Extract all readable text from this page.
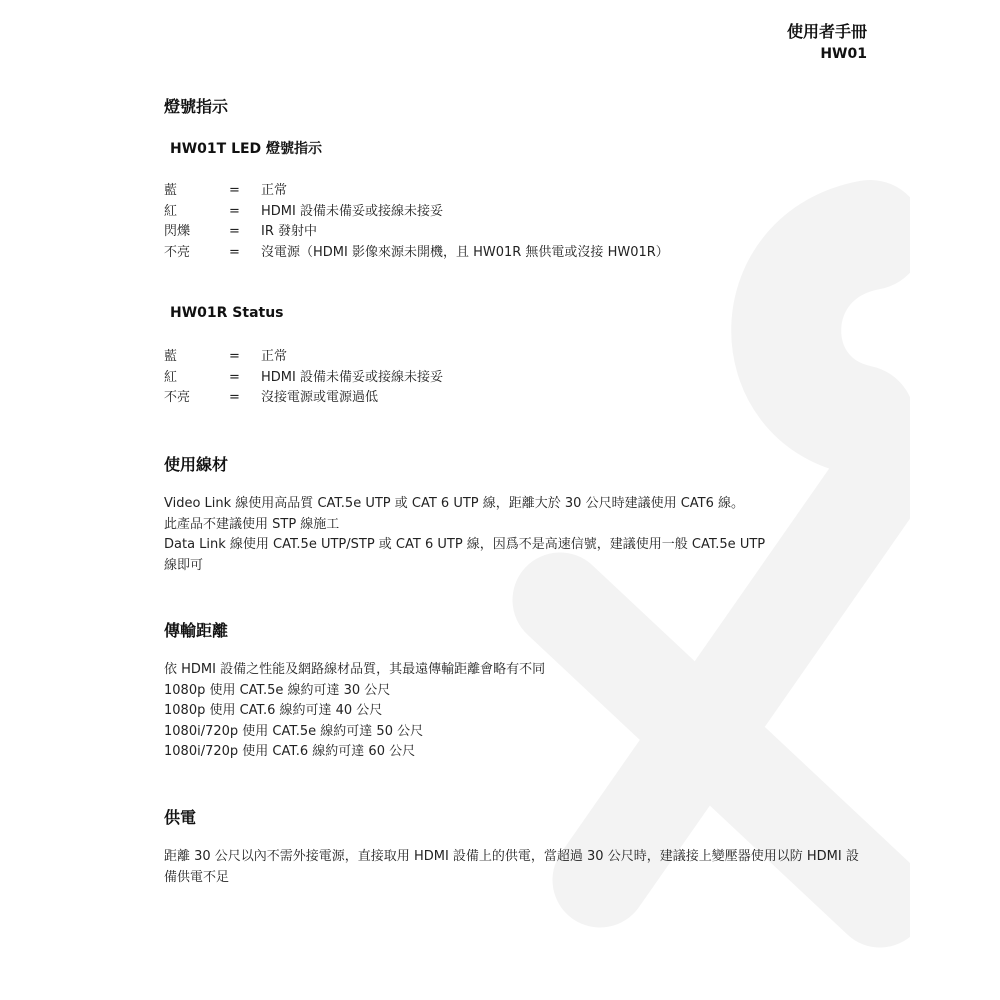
使用者手冊
HW01
燈號指示
HW01T LED 燈號指示
藍	= 正常
紅	= HDMI 設備未備妥或接線未接妥
閃爍	= IR 發射中
不亮	= 沒電源（HDMI 影像來源未開機，且 HW01R 無供電或沒接 HW01R）
HW01R Status
藍	= 正常
紅	= HDMI 設備未備妥或接線未接妥
不亮	= 沒接電源或電源過低
使用線材
Video Link 線使用高品質 CAT.5e UTP 或 CAT 6 UTP 線，距離大於 30 公尺時建議使用 CAT6 線。
此產品不建議使用 STP 線施工
Data Link 線使用 CAT.5e UTP/STP 或 CAT 6 UTP 線，因爲不是高速信號，建議使用一般 CAT.5e UTP
線即可
傳輸距離
依 HDMI 設備之性能及網路線材品質，其最遠傳輸距離會略有不同
1080p 使用 CAT.5e 線約可達 30 公尺
1080p 使用 CAT.6 線約可達 40 公尺
1080i/720p 使用 CAT.5e 線約可達 50 公尺
1080i/720p 使用 CAT.6 線約可達 60 公尺
供電
距離 30 公尺以內不需外接電源，直接取用 HDMI 設備上的供電，當超過 30 公尺時，建議接上變壓器使用以防 HDMI 設
備供電不足
